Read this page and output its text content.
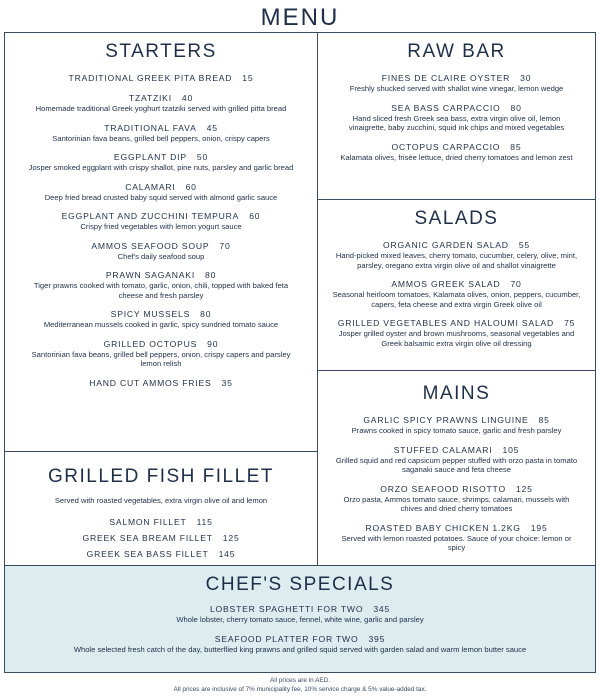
MENU
STARTERS
TRADITIONAL GREEK PITA BREAD 15
TZATZIKI 40
Homemade traditional Greek yoghurt tzatziki served with grilled pitta bread
TRADITIONAL FAVA 45
Santorinian fava beans, grilled bell peppers, onion, crispy capers
EGGPLANT DIP 50
Josper smoked eggplant with crispy shallot, pine nuts, parsley and garlic bread
CALAMARI 60
Deep fried bread crusted baby squid served with almond garlic sauce
EGGPLANT AND ZUCCHINI TEMPURA 60
Crispy fried vegetables with lemon yogurt sauce
AMMOS SEAFOOD SOUP 70
Chef's daily seafood soup
PRAWN SAGANAKI 80
Tiger prawns cooked with tomato, garlic, onion, chili, topped with baked feta cheese and fresh parsley
SPICY MUSSELS 80
Mediterranean mussels cooked in garlic, spicy sundried tomato sauce
GRILLED OCTOPUS 90
Santorinian fava beans, grilled bell peppers, onion, crispy capers and parsley lemon relish
HAND CUT AMMOS FRIES 35
RAW BAR
FINES DE CLAIRE OYSTER 30
Freshly shucked served with shallot wine vinegar, lemon wedge
SEA BASS CARPACCIO 80
Hand sliced fresh Greek sea bass, extra virgin olive oil, lemon vinaigrette, baby zucchini, squid ink chips and mixed vegetables
OCTOPUS CARPACCIO 85
Kalamata olives, frisée lettuce, dried cherry tomatoes and lemon zest
SALADS
ORGANIC GARDEN SALAD 55
Hand-picked mixed leaves, cherry tomato, cucumber, celery, olive, mint, parsley, oregano extra virgin olive oil and shallot vinaigrette
AMMOS GREEK SALAD 70
Seasonal heirloom tomatoes, Kalamata olives, onion, peppers, cucumber, capers, feta cheese and extra virgin Greek olive oil
GRILLED VEGETABLES AND HALOUMI SALAD 75
Josper grilled oyster and brown mushrooms, seasonal vegetables and Greek balsamic extra virgin olive oil dressing
MAINS
GARLIC SPICY PRAWNS LINGUINE 85
Prawns cooked in spicy tomato sauce, garlic and fresh parsley
STUFFED CALAMARI 105
Grilled squid and red capsicum pepper stuffed with orzo pasta in tomato saganaki sauce and feta cheese
ORZO SEAFOOD RISOTTO 125
Orzo pasta, Ammos tomato sauce, shrimps, calamari, mussels with chives and dried cherry tomatoes
ROASTED BABY CHICKEN 1.2KG 195
Served with lemon roasted potatoes. Sauce of your choice: lemon or spicy
GRILLED FISH FILLET
Served with roasted vegetables, extra virgin olive oil and lemon
SALMON FILLET 115
GREEK SEA BREAM FILLET 125
GREEK SEA BASS FILLET 145
CHEF'S SPECIALS
LOBSTER SPAGHETTI FOR TWO 345
Whole lobster, cherry tomato sauce, fennel, white wine, garlic and parsley
SEAFOOD PLATTER FOR TWO 395
Whole selected fresh catch of the day, butterflied king prawns and grilled squid served with garden salad and warm lemon butter sauce
All prices are in AED.
All prices are inclusive of 7% municipality fee, 10% service charge & 5% value-added tax.
